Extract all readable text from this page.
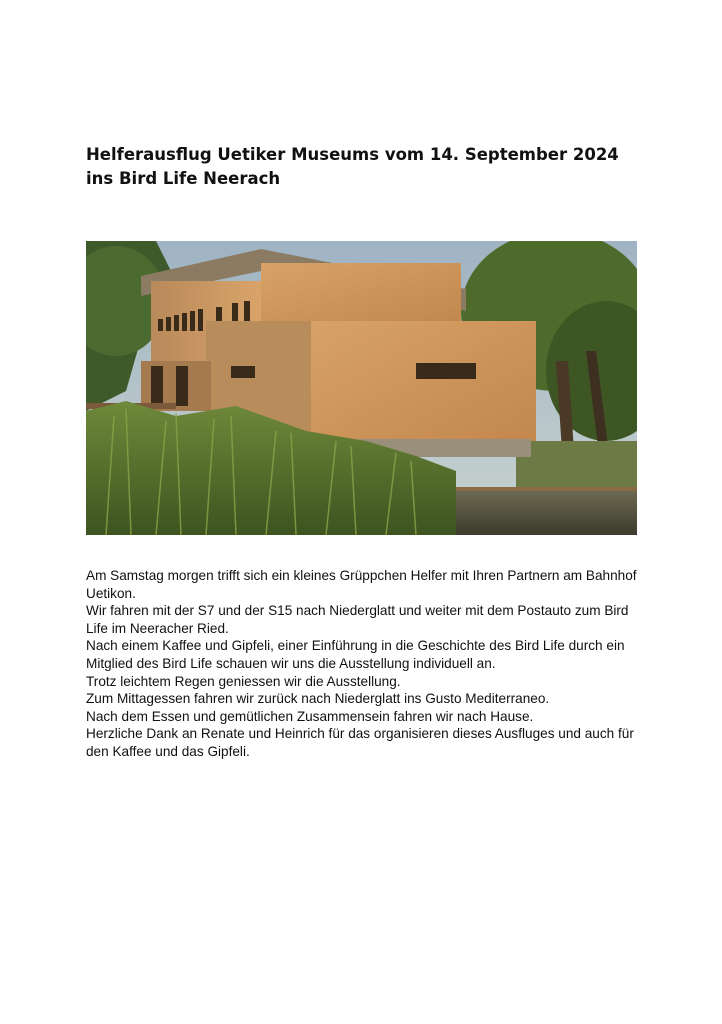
Helferausflug Uetiker Museums vom 14. September 2024
ins Bird Life Neerach

Am Samstag morgen trifft sich ein kleines Grüppchen Helfer mit Ihren Partnern am Bahnhof

Uetikon.

Wir fahren mit der S7 und der S15 nach Niederglatt und weiter mit dem Postauto zum Bird

Life im Neeracher Ried.

Nach einem Kaffee und Gipfeli, einer Einführung in die Geschichte des Bird Life durch ein

Mitglied des Bird Life schauen wir uns die Ausstellung individuell an.

Trotz leichtem Regen geniessen wir die Ausstellung.

Zum Mittagessen fahren wir zurück nach Niederglatt ins Gusto Mediterraneo.

Nach dem Essen und gemütlichen Zusammensein fahren wir nach Hause.

Herzliche Dank an Renate und Heinrich für das organisieren dieses Ausfluges und auch für

den Kaffee und das Gipfeli.
